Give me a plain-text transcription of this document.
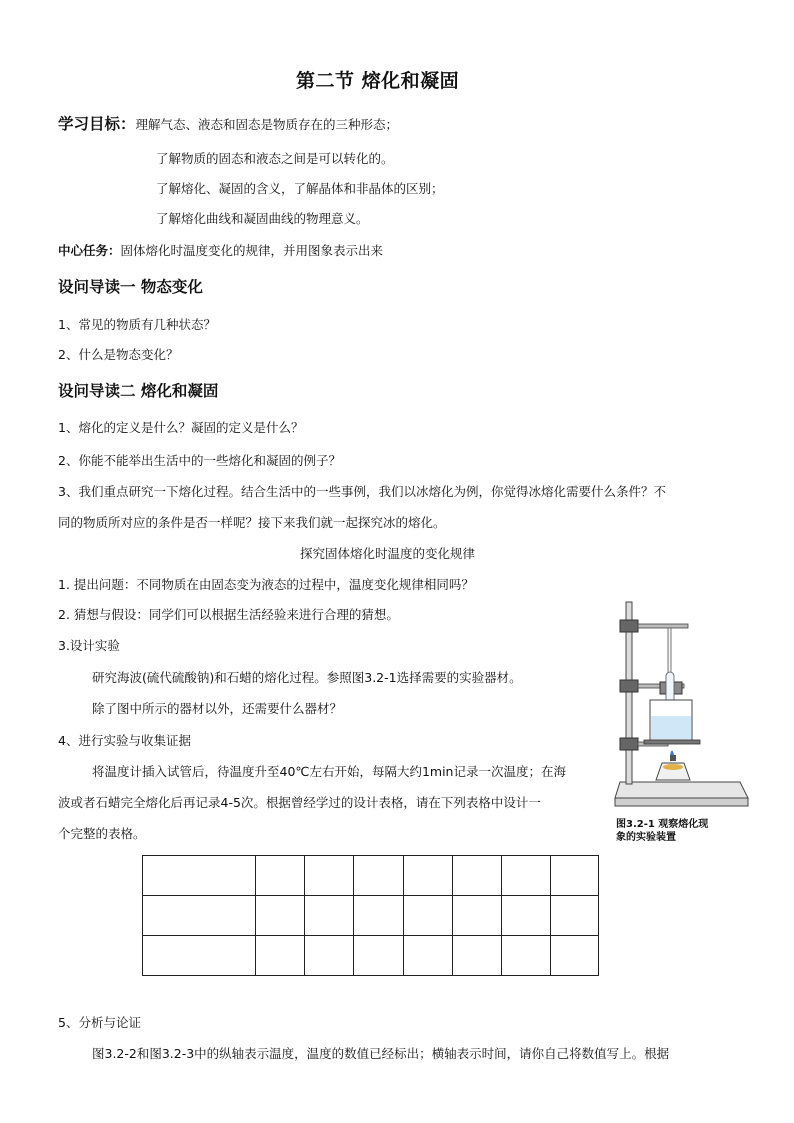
第二节 熔化和凝固
学习目标：理解气态、液态和固态是物质存在的三种形态；
了解物质的固态和液态之间是可以转化的。
了解熔化、凝固的含义，了解晶体和非晶体的区别；
了解熔化曲线和凝固曲线的物理意义。
中心任务：固体熔化时温度变化的规律，并用图象表示出来
设问导读一 物态变化
1、常见的物质有几种状态？
2、什么是物态变化？
设问导读二 熔化和凝固
1、熔化的定义是什么？凝固的定义是什么？
2、你能不能举出生活中的一些熔化和凝固的例子？
3、我们重点研究一下熔化过程。结合生活中的一些事例，我们以冰熔化为例，你觉得冰熔化需要什么条件？不
同的物质所对应的条件是否一样呢？接下来我们就一起探究冰的熔化。
探究固体熔化时温度的变化规律
1. 提出问题：不同物质在由固态变为液态的过程中，温度变化规律相同吗？
2. 猜想与假设：同学们可以根据生活经验来进行合理的猜想。
3.设计实验
研究海波(硫代硫酸钠)和石蜡的熔化过程。参照图3.2-1选择需要的实验器材。
除了图中所示的器材以外，还需要什么器材？
4、进行实验与收集证据
将温度计插入试管后，待温度升至40℃左右开始，每隔大约1min记录一次温度；在海
波或者石蜡完全熔化后再记录4-5次。根据曾经学过的设计表格，请在下列表格中设计一
个完整的表格。
图3.2-1 观察熔化现
象的实验装置

5、分析与论证
图3.2-2和图3.2-3中的纵轴表示温度，温度的数值已经标出；横轴表示时间，请你自己将数值写上。根据
